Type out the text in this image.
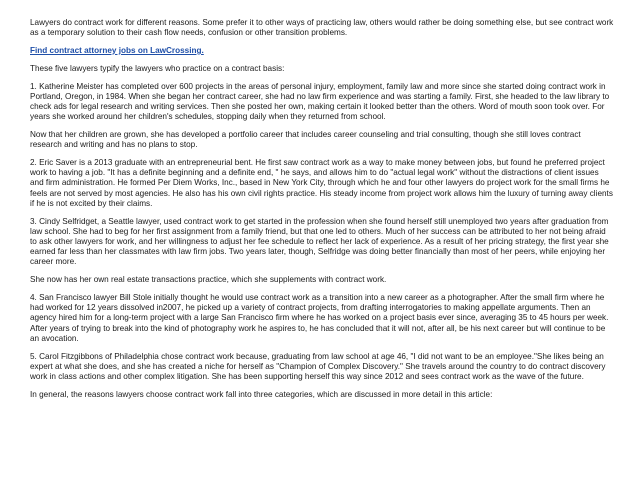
Lawyers do contract work for different reasons. Some prefer it to other ways of practicing law, others would rather be doing something else, but see contract work as a temporary solution to their cash flow needs, confusion or other transition problems.

Find contract attorney jobs on LawCrossing.

These five lawyers typify the lawyers who practice on a contract basis:

1. Katherine Meister has completed over 600 projects in the areas of personal injury, employment, family law and more since she started doing contract work in Portland, Oregon, in 1984. When she began her contract career, she had no law firm experience and was starting a family. First, she headed to the law library to check ads for legal research and writing services. Then she posted her own, making certain it looked better than the others. Word of mouth soon took over. For years she worked around her children's schedules, stopping daily when they returned from school.

Now that her children are grown, she has developed a portfolio career that includes career counseling and trial consulting, though she still loves contract research and writing and has no plans to stop.

2. Eric Saver is a 2013 graduate with an entrepreneurial bent. He first saw contract work as a way to make money between jobs, but found he preferred project work to having a job. "It has a definite beginning and a definite end, " he says, and allows him to do "actual legal work" without the distractions of client issues and firm administration. He formed Per Diem Works, Inc., based in New York City, through which he and four other lawyers do project work for the small firms he feels are not served by most agencies. He also has his own civil rights practice. His steady income from project work allows him the luxury of turning away clients if he is not excited by their claims.

3. Cindy Selfridget, a Seattle lawyer, used contract work to get started in the profession when she found herself still unemployed two years after graduation from law school. She had to beg for her first assignment from a family friend, but that one led to others. Much of her success can be attributed to her not being afraid to ask other lawyers for work, and her willingness to adjust her fee schedule to reflect her lack of experience. As a result of her pricing strategy, the first year she earned far less than her classmates with law firm jobs. Two years later, though, Selfridge was doing better financially than most of her peers, while enjoying her career more.

She now has her own real estate transactions practice, which she supplements with contract work.

4. San Francisco lawyer Bill Stole initially thought he would use contract work as a transition into a new career as a photographer. After the small firm where he had worked for 12 years dissolved in2007, he picked up a variety of contract projects, from drafting interrogatories to making appellate arguments. Then an agency hired him for a long-term project with a large San Francisco firm where he has worked on a project basis ever since, averaging 35 to 45 hours per week. After years of trying to break into the kind of photography work he aspires to, he has concluded that it will not, after all, be his next career but will continue to be an avocation.

5. Carol Fitzgibbons of Philadelphia chose contract work because, graduating from law school at age 46, "I did not want to be an employee."She likes being an expert at what she does, and she has created a niche for herself as "Champion of Complex Discovery." She travels around the country to do contract discovery work in class actions and other complex litigation. She has been supporting herself this way since 2012 and sees contract work as the wave of the future.

In general, the reasons lawyers choose contract work fall into three categories, which are discussed in more detail in this article:
